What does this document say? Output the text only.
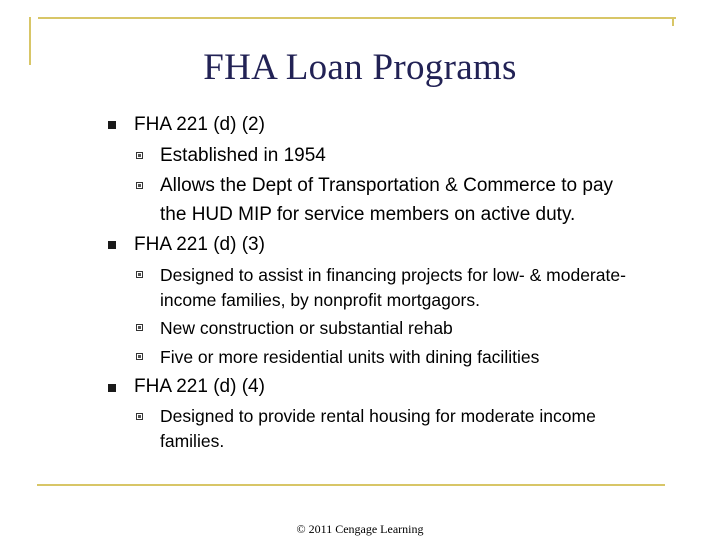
FHA Loan Programs
FHA 221 (d) (2)
Established in 1954
Allows the Dept of Transportation & Commerce to pay
the HUD MIP for service members on active duty.
FHA 221 (d) (3)
Designed to assist in financing projects for low- & moderate-
income families, by nonprofit mortgagors.
New construction or substantial rehab
Five or more residential units with dining facilities
FHA 221 (d) (4)
Designed to provide rental housing for moderate income
families.
© 2011 Cengage Learning
